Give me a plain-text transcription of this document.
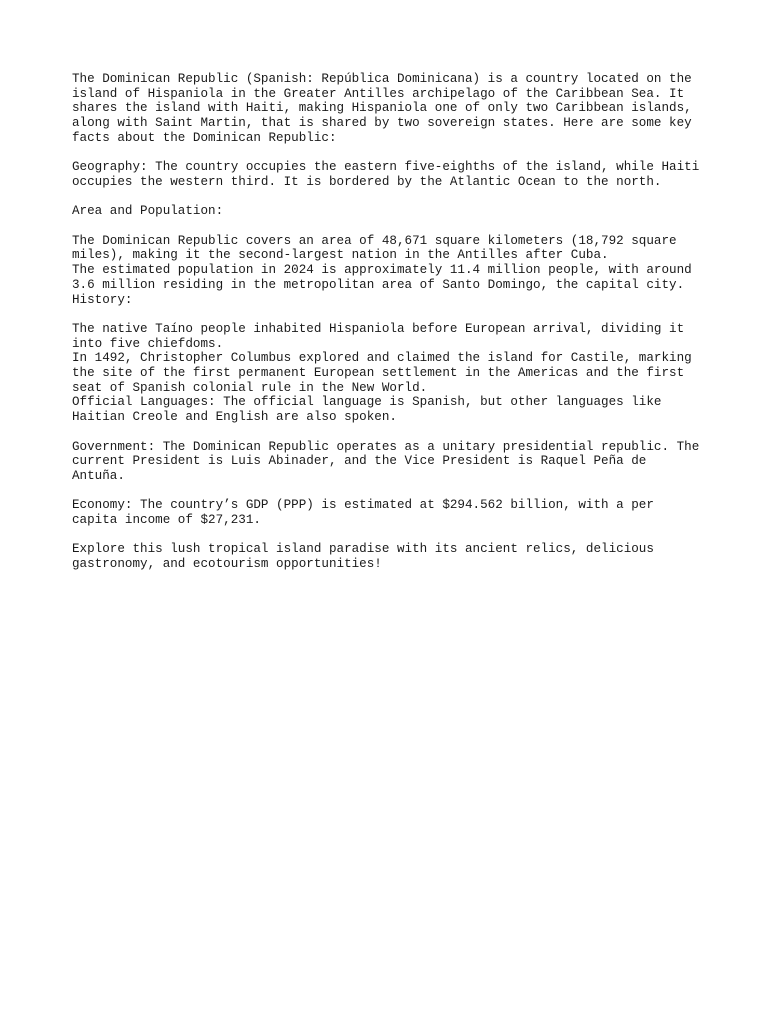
The Dominican Republic (Spanish: República Dominicana) is a country located on the
island of Hispaniola in the Greater Antilles archipelago of the Caribbean Sea. It
shares the island with Haiti, making Hispaniola one of only two Caribbean islands,
along with Saint Martin, that is shared by two sovereign states. Here are some key
facts about the Dominican Republic:

Geography: The country occupies the eastern five-eighths of the island, while Haiti
occupies the western third. It is bordered by the Atlantic Ocean to the north.

Area and Population:

The Dominican Republic covers an area of 48,671 square kilometers (18,792 square
miles), making it the second-largest nation in the Antilles after Cuba.

The estimated population in 2024 is approximately 11.4 million people, with around
3.6 million residing in the metropolitan area of Santo Domingo, the capital city.

History:

The native Taíno people inhabited Hispaniola before European arrival, dividing it
into five chiefdoms.

In 1492, Christopher Columbus explored and claimed the island for Castile, marking
the site of the first permanent European settlement in the Americas and the first
seat of Spanish colonial rule in the New World.

Official Languages: The official language is Spanish, but other languages like
Haitian Creole and English are also spoken.

Government: The Dominican Republic operates as a unitary presidential republic. The
current President is Luis Abinader, and the Vice President is Raquel Peña de
Antuña.

Economy: The country’s GDP (PPP) is estimated at $294.562 billion, with a per
capita income of $27,231.

Explore this lush tropical island paradise with its ancient relics, delicious
gastronomy, and ecotourism opportunities!
